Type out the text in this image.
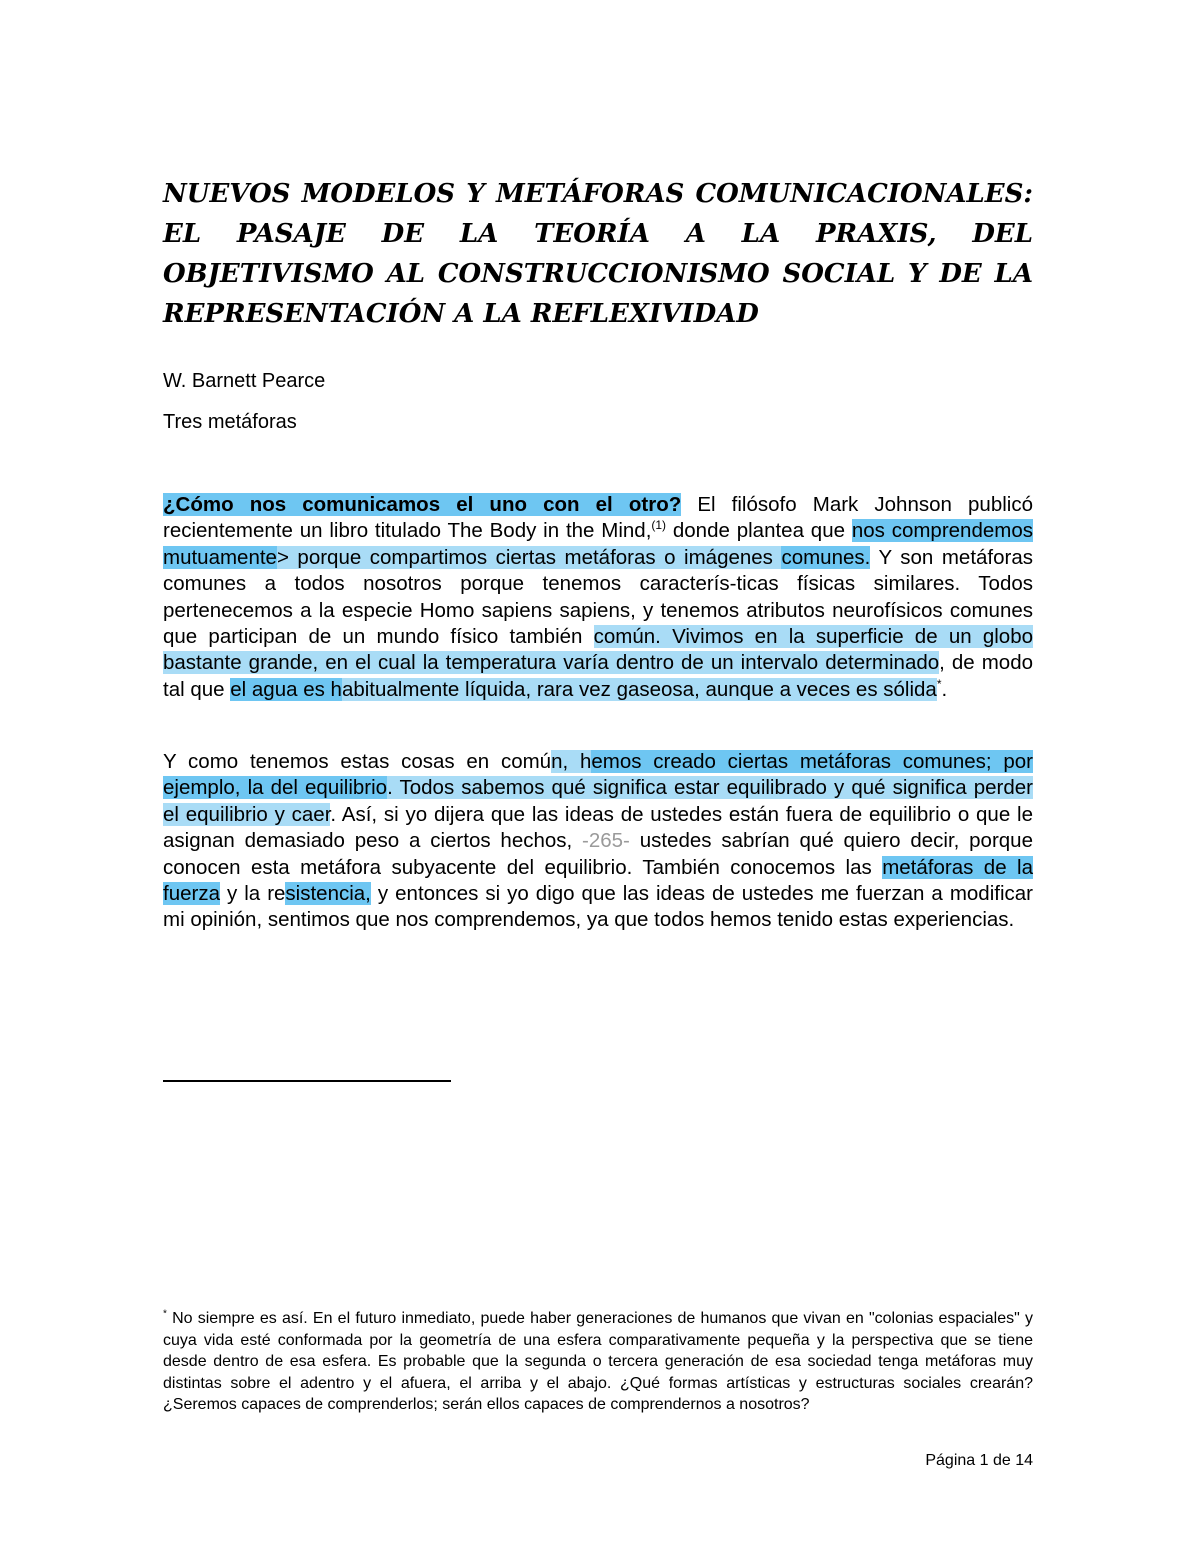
NUEVOS MODELOS Y METÁFORAS COMUNICACIONALES: EL PASAJE DE LA TEORÍA A LA PRAXIS, DEL OBJETIVISMO AL CONSTRUCCIONISMO SOCIAL Y DE LA REPRESENTACIÓN A LA REFLEXIVIDAD

W. Barnett Pearce

Tres metáforas

¿Cómo nos comunicamos el uno con el otro? El filósofo Mark Johnson publicó recientemente un libro titulado The Body in the Mind,$^{(1)}$ donde plantea que nos comprendemos mutuamente> porque compartimos ciertas metáforas o imágenes comunes. Y son metáforas comunes a todos nosotros porque tenemos caracterís-ticas físicas similares. Todos pertenecemos a la especie Homo sapiens sapiens, y tenemos atributos neurofísicos comunes que participan de un mundo físico también común. Vivimos en la superficie de un globo bastante grande, en el cual la temperatura varía dentro de un intervalo determinado, de modo tal que el agua es habitualmente líquida, rara vez gaseosa, aunque a veces es sólida*.

Y como tenemos estas cosas en común, hemos creado ciertas metáforas comunes; por ejemplo, la del equilibrio. Todos sabemos qué significa estar equilibrado y qué significa perder el equilibrio y caer. Así, si yo dijera que las ideas de ustedes están fuera de equilibrio o que le asignan demasiado peso a ciertos hechos, -265- ustedes sabrían qué quiero decir, porque conocen esta metáfora subyacente del equilibrio. También conocemos las metáforas de la fuerza y la resistencia, y entonces si yo digo que las ideas de ustedes me fuerzan a modificar mi opinión, sentimos que nos comprendemos, ya que todos hemos tenido estas experiencias.

* No siempre es así. En el futuro inmediato, puede haber generaciones de humanos que vivan en "colonias espaciales" y cuya vida esté conformada por la geometría de una esfera comparativamente pequeña y la perspectiva que se tiene desde dentro de esa esfera. Es probable que la segunda o tercera generación de esa sociedad tenga metáforas muy distintas sobre el adentro y el afuera, el arriba y el abajo. ¿Qué formas artísticas y estructuras sociales crearán? ¿Seremos capaces de comprenderlos; serán ellos capaces de comprendernos a nosotros?

Página 1 de 14
